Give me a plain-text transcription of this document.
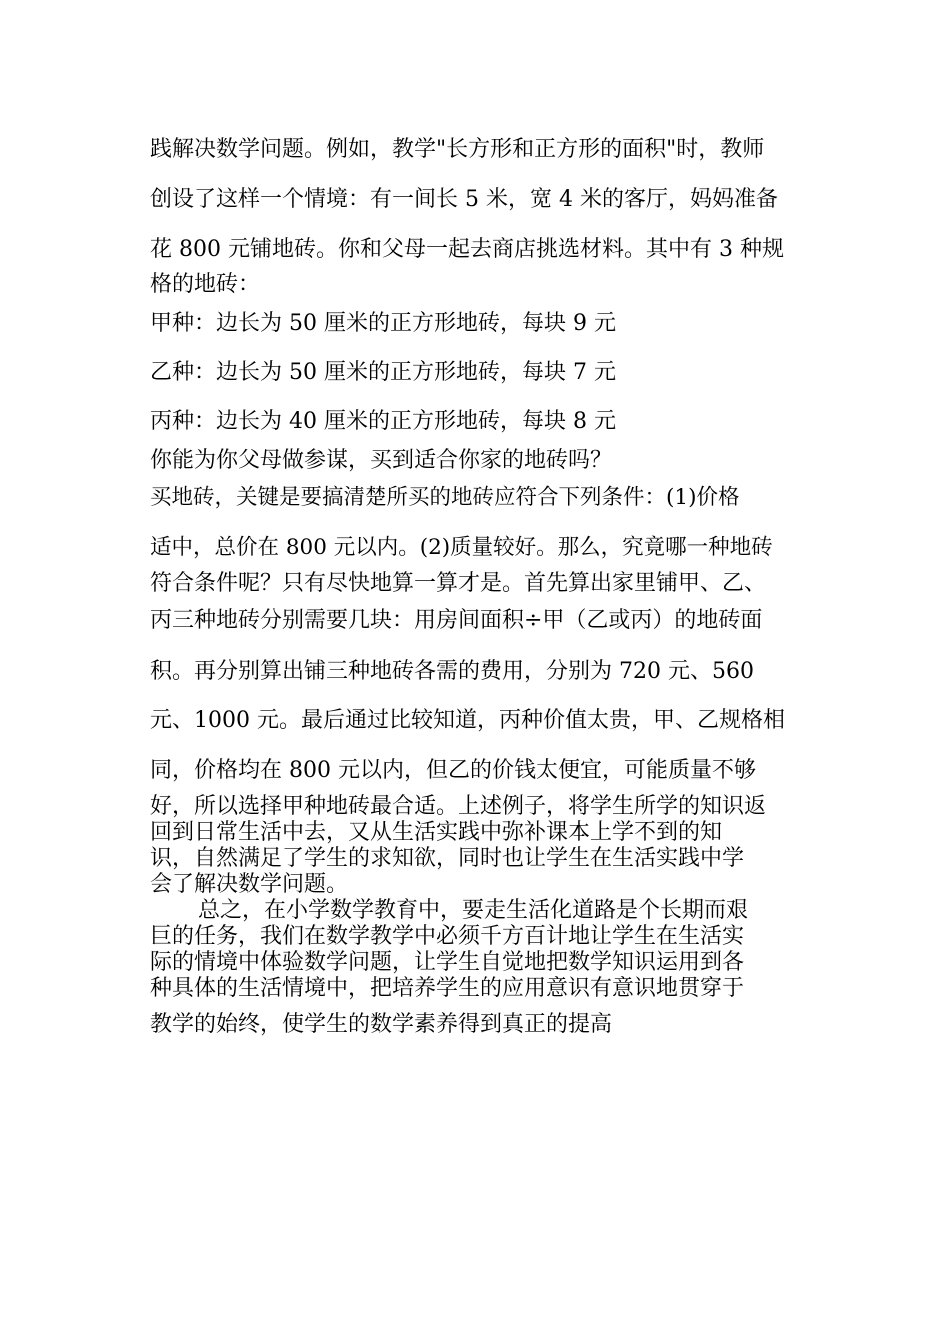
践解决数学问题。例如，教学"长方形和正方形的面积"时，教师
创设了这样一个情境：有一间长 5 米，宽 4 米的客厅，妈妈准备
花 800 元铺地砖。你和父母一起去商店挑选材料。其中有 3 种规
格的地砖：
甲种：边长为 50 厘米的正方形地砖，每块 9 元
乙种：边长为 50 厘米的正方形地砖，每块 7 元
丙种：边长为 40 厘米的正方形地砖，每块 8 元
你能为你父母做参谋，买到适合你家的地砖吗？
买地砖，关键是要搞清楚所买的地砖应符合下列条件：(1)价格
适中，总价在 800 元以内。(2)质量较好。那么，究竟哪一种地砖
符合条件呢？只有尽快地算一算才是。首先算出家里铺甲、乙、
丙三种地砖分别需要几块：用房间面积÷甲（乙或丙）的地砖面
积。再分别算出铺三种地砖各需的费用，分别为 720 元、560
元、1000 元。最后通过比较知道，丙种价值太贵，甲、乙规格相
同，价格均在 800 元以内，但乙的价钱太便宜，可能质量不够
好，所以选择甲种地砖最合适。上述例子，将学生所学的知识返
回到日常生活中去，又从生活实践中弥补课本上学不到的知
识，自然满足了学生的求知欲，同时也让学生在生活实践中学
会了解决数学问题。
总之，在小学数学教育中，要走生活化道路是个长期而艰
巨的任务，我们在数学教学中必须千方百计地让学生在生活实
际的情境中体验数学问题，让学生自觉地把数学知识运用到各
种具体的生活情境中，把培养学生的应用意识有意识地贯穿于
教学的始终，使学生的数学素养得到真正的提高
